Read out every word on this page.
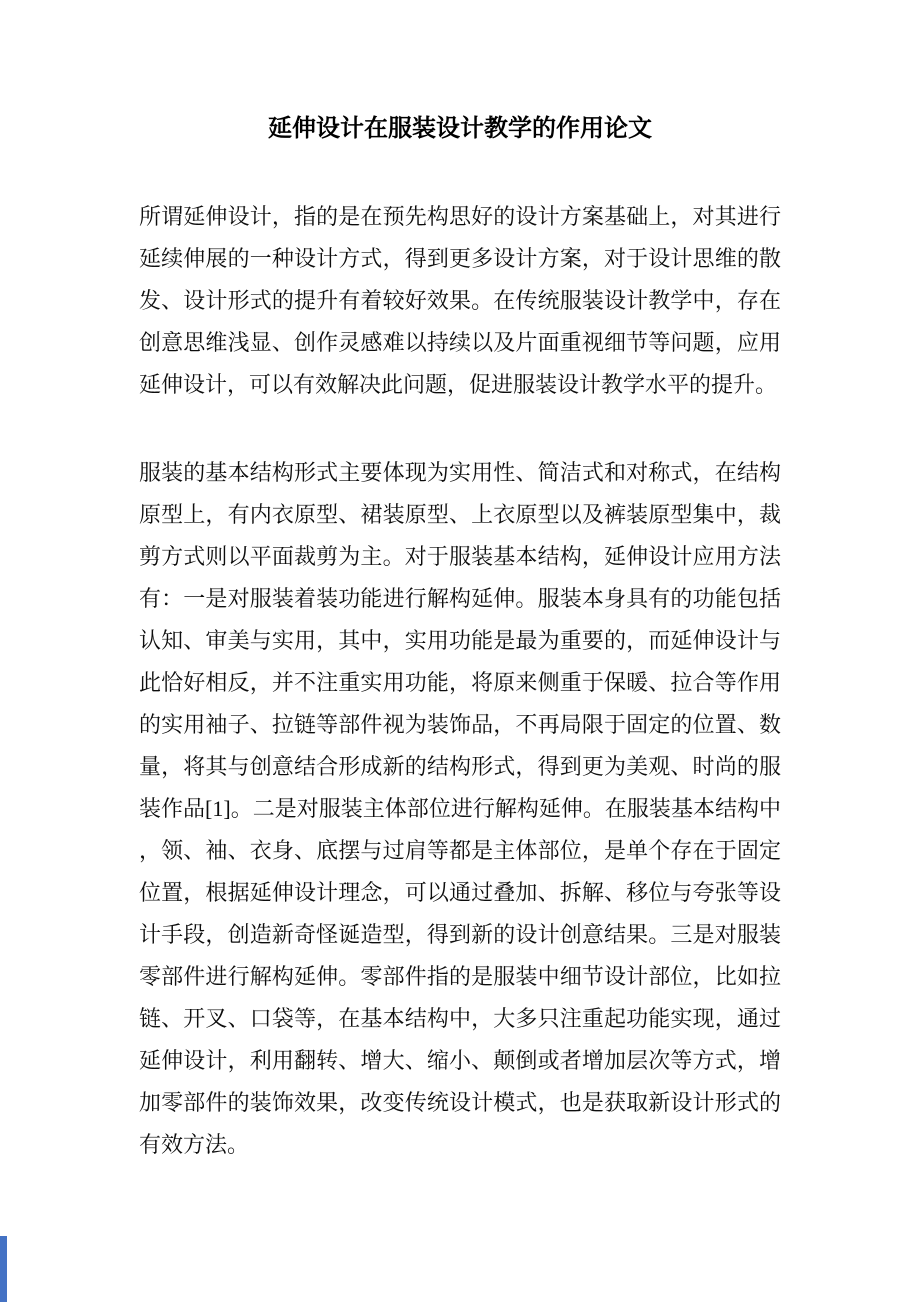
延伸设计在服装设计教学的作用论文
所谓延伸设计，指的是在预先构思好的设计方案基础上，对其进行
延续伸展的一种设计方式，得到更多设计方案，对于设计思维的散
发、设计形式的提升有着较好效果。在传统服装设计教学中，存在
创意思维浅显、创作灵感难以持续以及片面重视细节等问题，应用
延伸设计，可以有效解决此问题，促进服装设计教学水平的提升。
服装的基本结构形式主要体现为实用性、简洁式和对称式，在结构
原型上，有内衣原型、裙装原型、上衣原型以及裤装原型集中，裁
剪方式则以平面裁剪为主。对于服装基本结构，延伸设计应用方法
有：一是对服装着装功能进行解构延伸。服装本身具有的功能包括
认知、审美与实用，其中，实用功能是最为重要的，而延伸设计与
此恰好相反，并不注重实用功能，将原来侧重于保暖、拉合等作用
的实用袖子、拉链等部件视为装饰品，不再局限于固定的位置、数
量，将其与创意结合形成新的结构形式，得到更为美观、时尚的服
装作品[1]。二是对服装主体部位进行解构延伸。在服装基本结构中
，领、袖、衣身、底摆与过肩等都是主体部位，是单个存在于固定
位置，根据延伸设计理念，可以通过叠加、拆解、移位与夸张等设
计手段，创造新奇怪诞造型，得到新的设计创意结果。三是对服装
零部件进行解构延伸。零部件指的是服装中细节设计部位，比如拉
链、开叉、口袋等，在基本结构中，大多只注重起功能实现，通过
延伸设计，利用翻转、增大、缩小、颠倒或者增加层次等方式，增
加零部件的装饰效果，改变传统设计模式，也是获取新设计形式的
有效方法。
